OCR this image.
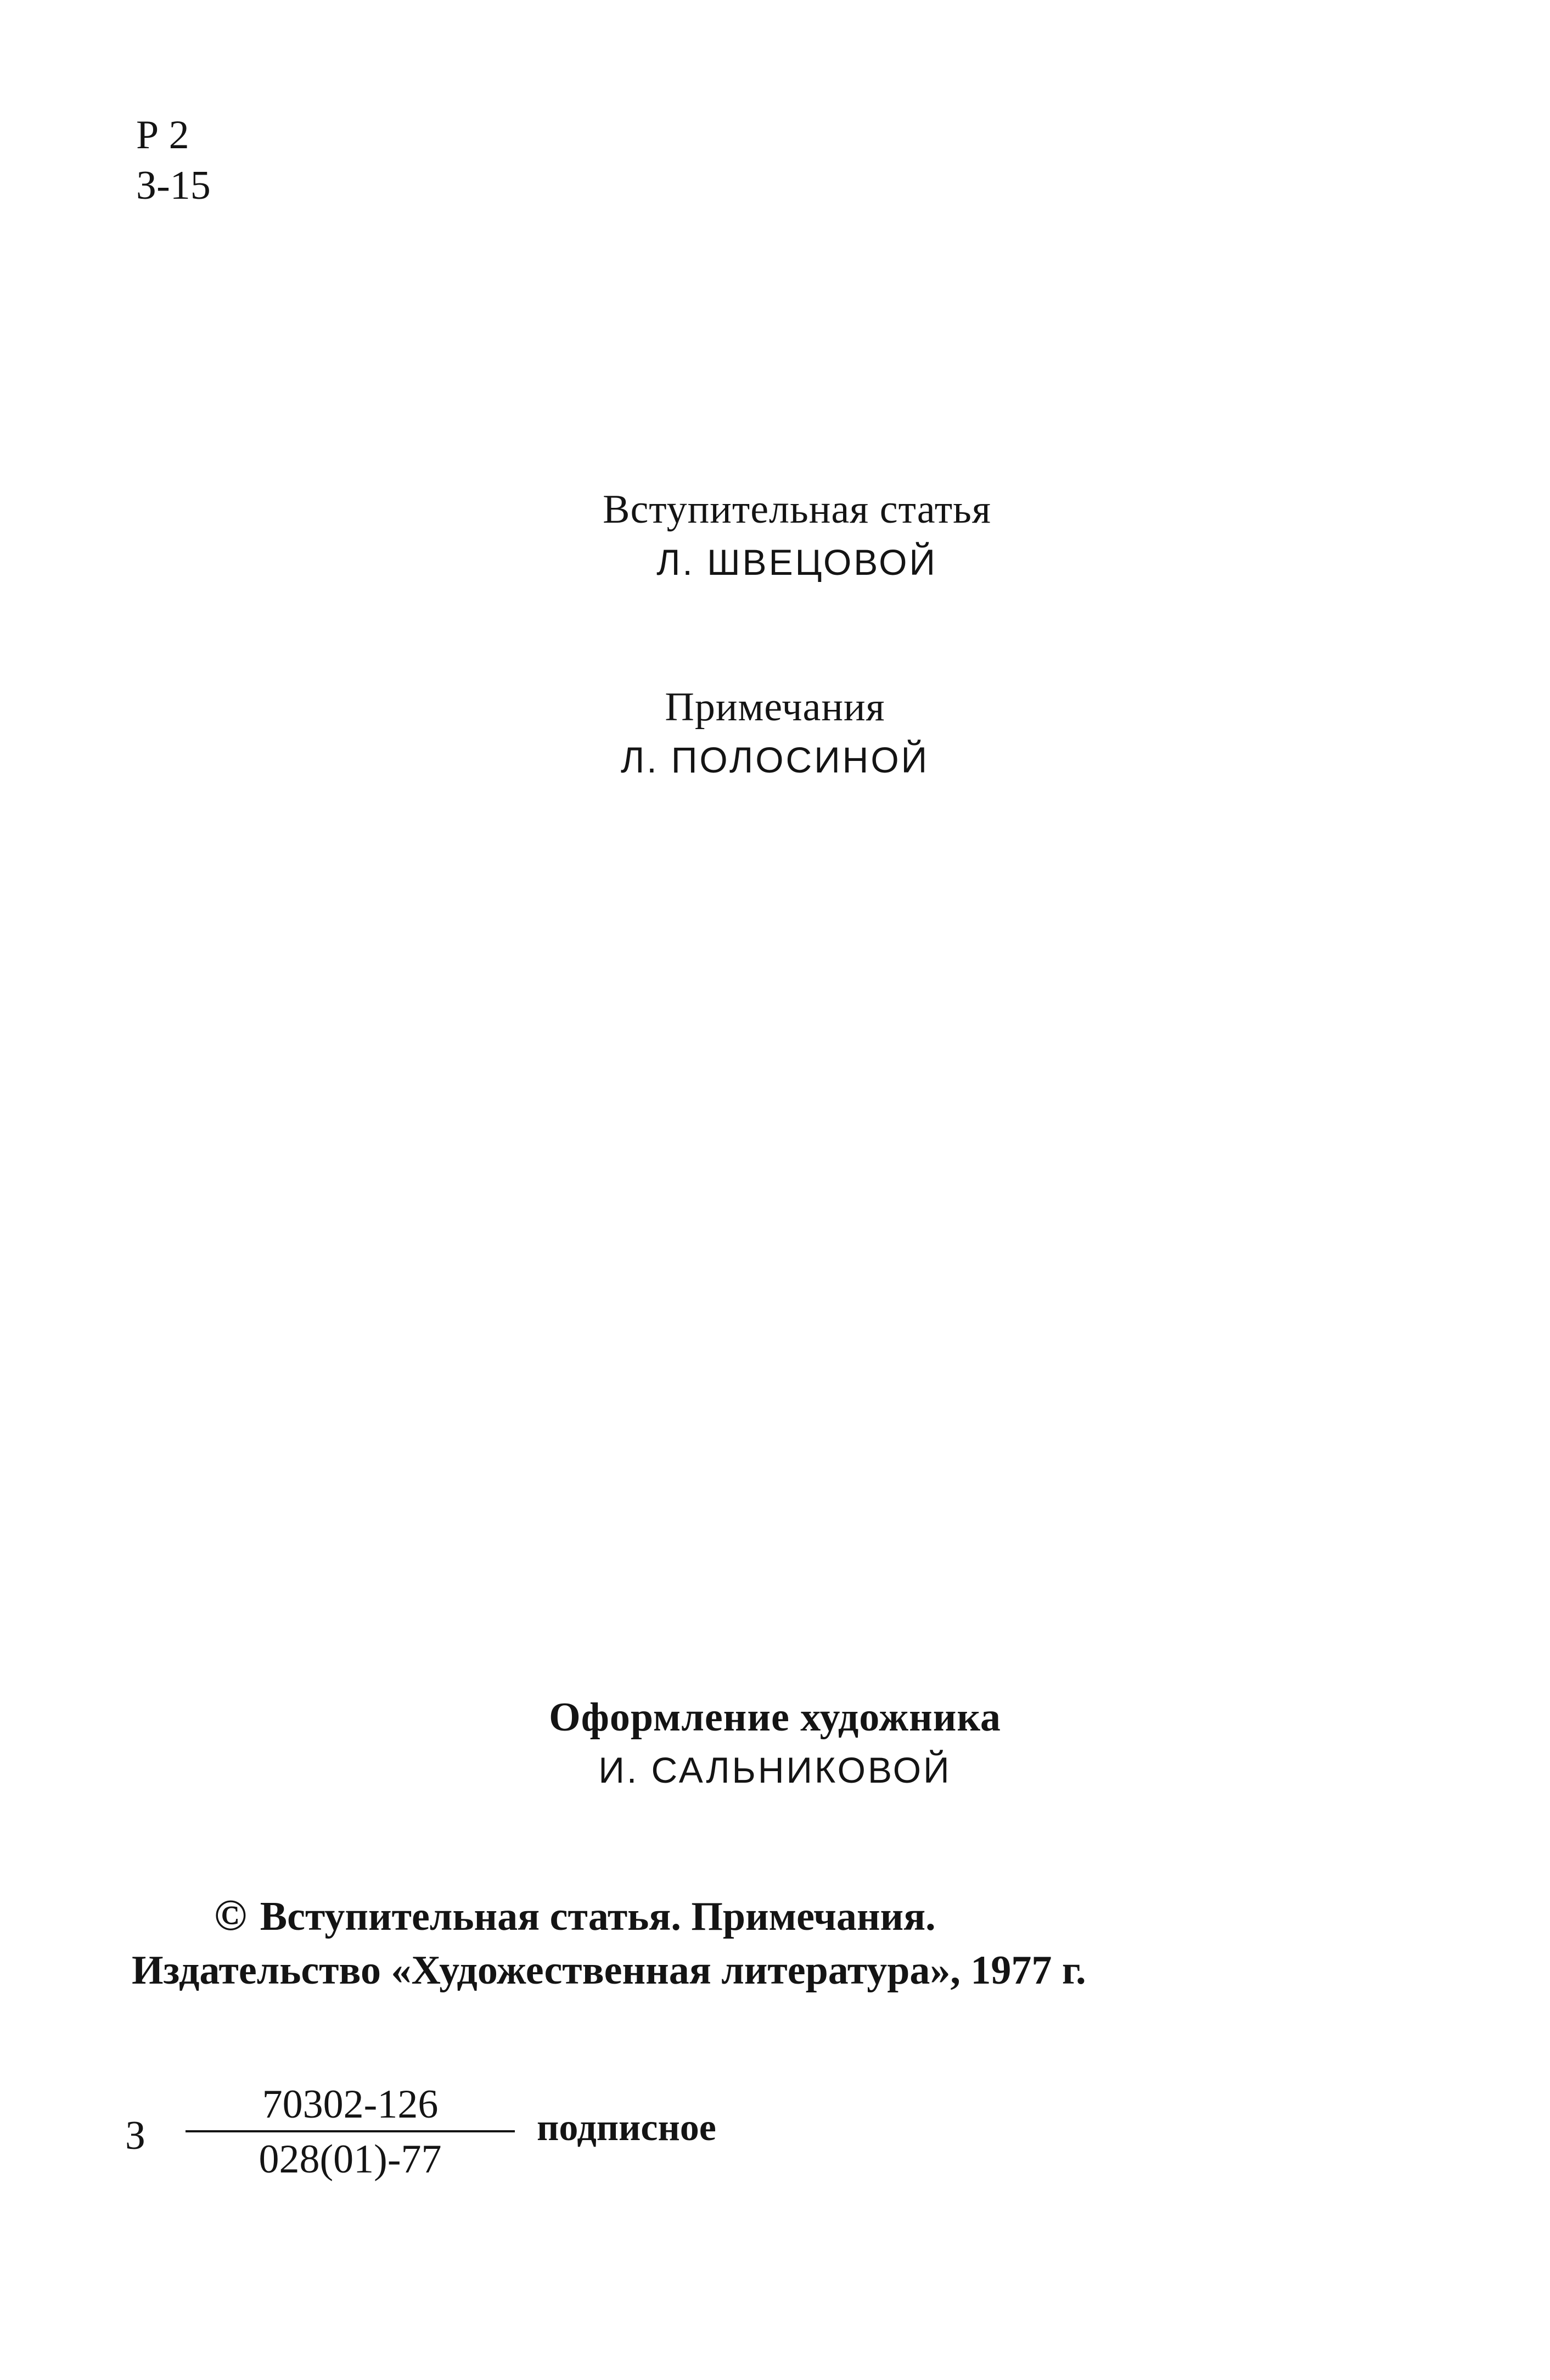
Р 2
З-15
Вступительная статья
Л. ШВЕЦОВОЙ
Примечания
Л. ПОЛОСИНОЙ
Оформление художника
И. САЛЬНИКОВОЙ
© Вступительная статья. Примечания.
Издательство «Художественная литература», 1977 г.
З
70302-126
028(01)-77
подписное
